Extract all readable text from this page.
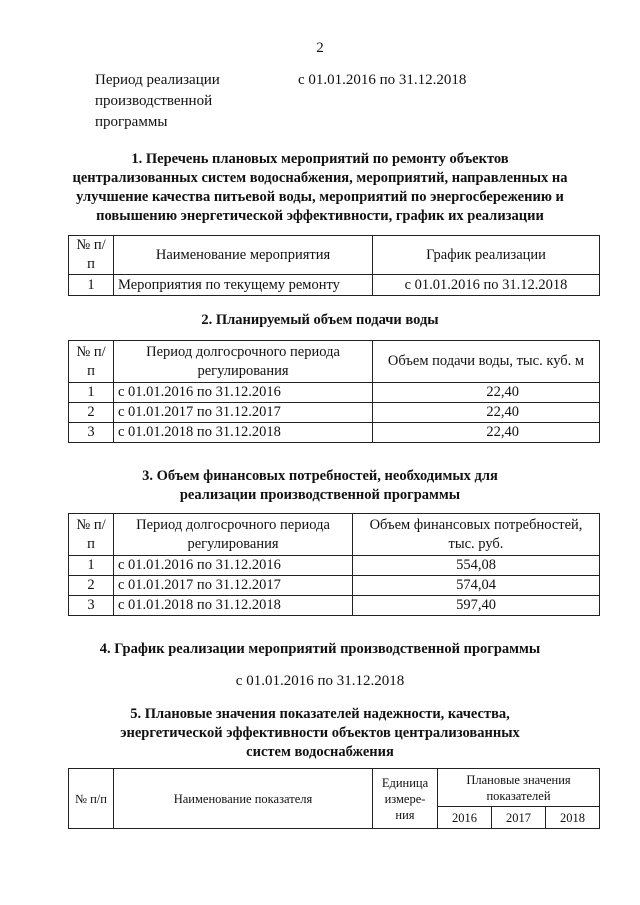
2
Период реализации
производственной
программы
с 01.01.2016 по 31.12.2018
1. Перечень плановых мероприятий по ремонту объектов
централизованных систем водоснабжения, мероприятий, направленных на
улучшение качества питьевой воды, мероприятий по энергосбережению и
повышению энергетической эффективности, график их реализации
№ п/п	Наименование мероприятия	График реализации
1	Мероприятия по текущему ремонту	с 01.01.2016 по 31.12.2018
2. Планируемый объем подачи воды
№ п/п	Период долгосрочного периода регулирования	Объем подачи воды, тыс. куб. м
1	с 01.01.2016 по 31.12.2016	22,40
2	с 01.01.2017 по 31.12.2017	22,40
3	с 01.01.2018 по 31.12.2018	22,40
3. Объем финансовых потребностей, необходимых для
реализации производственной программы
№ п/п	Период долгосрочного периода регулирования	Объем финансовых потребностей, тыс. руб.
1	с 01.01.2016 по 31.12.2016	554,08
2	с 01.01.2017 по 31.12.2017	574,04
3	с 01.01.2018 по 31.12.2018	597,40
4. График реализации мероприятий производственной программы
с 01.01.2016 по 31.12.2018
5. Плановые значения показателей надежности, качества,
энергетической эффективности объектов централизованных
систем водоснабжения
№ п/п	Наименование показателя	Единица измере- ния	Плановые значения показателей		
			2016	2017	2018
